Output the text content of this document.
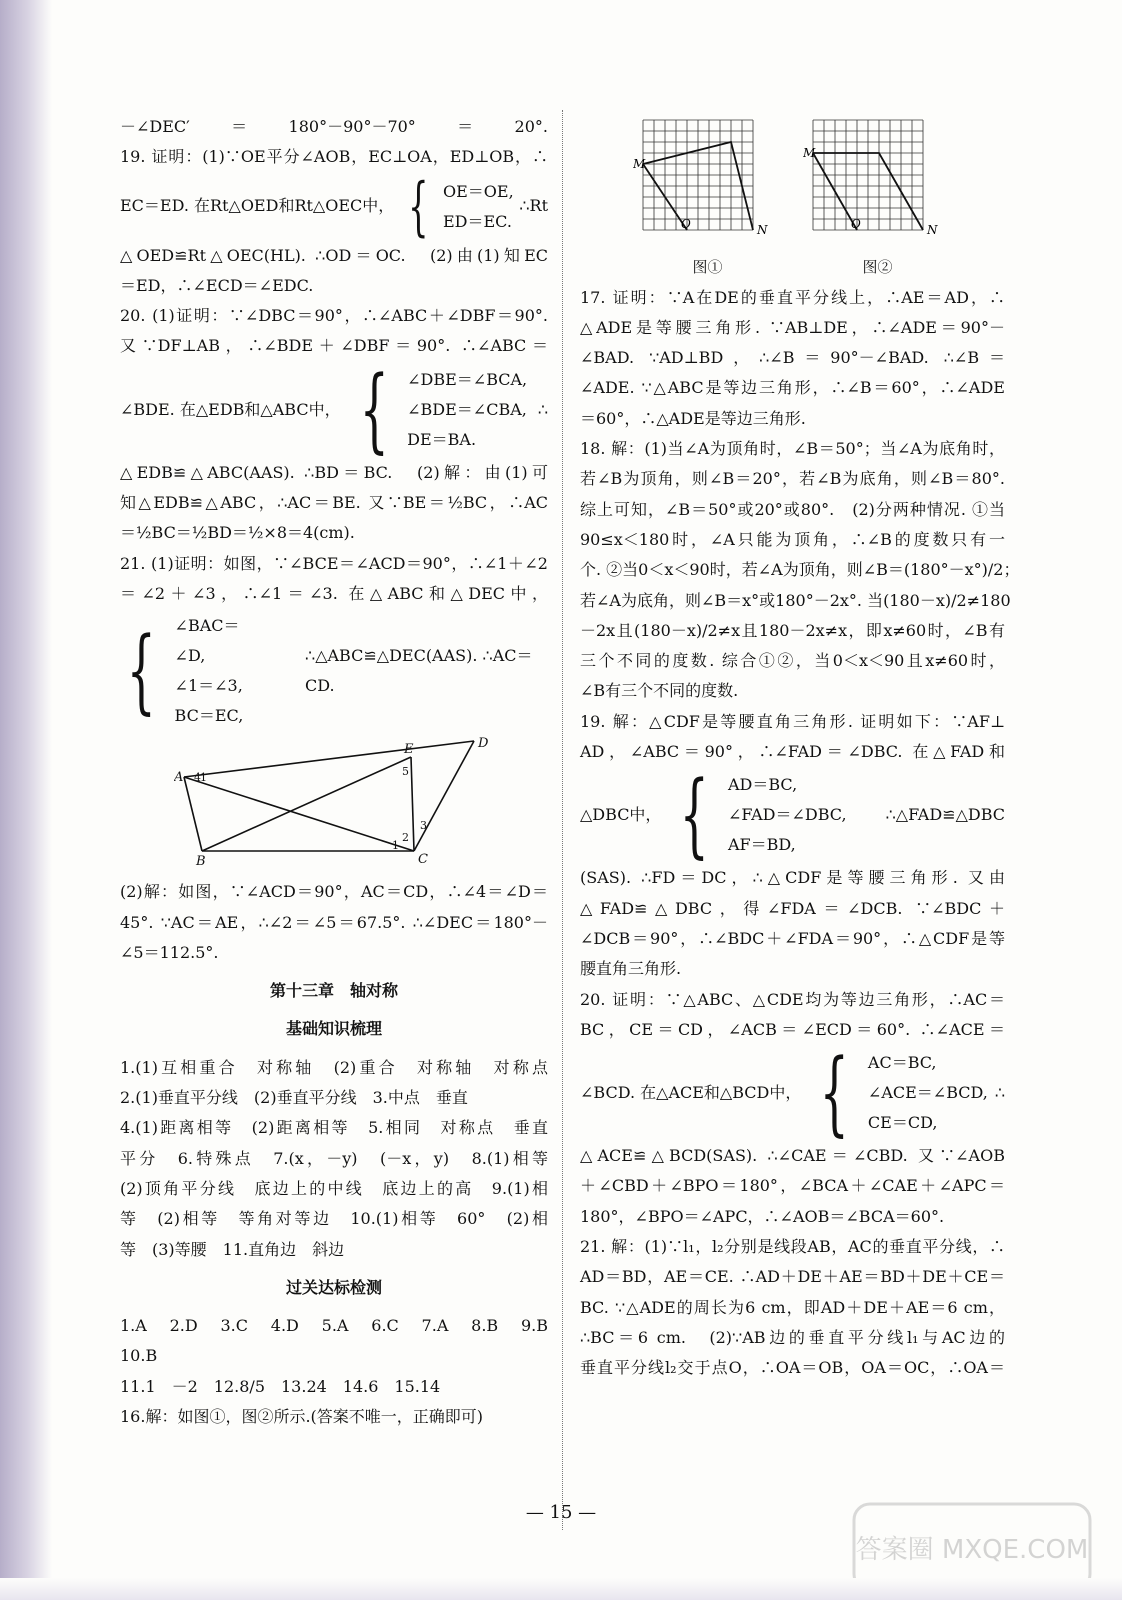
－∠DEC′＝180°－90°－70°＝20°.

19. 证明：(1)∵OE平分∠AOB，EC⊥OA，ED⊥OB，∴

EC＝ED. 在Rt△OED和Rt△OEC中， { OE＝OE,
ED＝EC.
∴Rt

△OED≌Rt△OEC(HL). ∴OD＝OC.　(2)由(1)知EC

＝ED，∴∠ECD＝∠EDC.

20. (1)证明：∵∠DBC＝90°，∴∠ABC＋∠DBF＝90°.

又∵DF⊥AB，∴∠BDE＋∠DBF＝90°. ∴∠ABC＝

∠BDE. 在△EDB和△ABC中， { ∠DBE＝∠BCA,
∠BDE＝∠CBA,
DE＝BA.
∴

△EDB≌△ABC(AAS). ∴BD＝BC.　(2)解：由(1)可

知△EDB≌△ABC，∴AC＝BE. 又∵BE＝½BC，∴AC

＝½BC＝½BD＝½×8＝4(cm).

21. (1)证明：如图，∵∠BCE＝∠ACD＝90°，∴∠1＋∠2

＝∠2＋∠3，∴∠1＝∠3. 在△ABC和△DEC中，

{ ∠BAC＝∠D,
∠1＝∠3,
BC＝EC,
∴△ABC≌△DEC(AAS). ∴AC＝CD.
A
B	C
D
E
4 1
2
3
5
1

(2)解：如图，∵∠ACD＝90°，AC＝CD，∴∠4＝∠D＝

45°. ∵AC＝AE，∴∠2＝∠5＝67.5°. ∴∠DEC＝180°－

∠5＝112.5°.

第十三章　轴对称

基础知识梳理

1.(1)互相重合　对称轴　(2)重合　对称轴　对称点

2.(1)垂直平分线　(2)垂直平分线　3.中点　垂直

4.(1)距离相等　(2)距离相等　5.相同　对称点　垂直

平分　6.特殊点　7.(x，－y)　(－x，y)　8.(1)相等

(2)顶角平分线　底边上的中线　底边上的高　9.(1)相

等　(2)相等　等角对等边　10.(1)相等　60°　(2)相

等　(3)等腰　11.直角边　斜边

过关达标检测

1.A　2.D　3.C　4.D　5.A　6.C　7.A　8.B　9.B

10.B

11.1　－2　12.8/5　13.24　14.6　15.14

16.解：如图①，图②所示.(答案不唯一，正确即可)

M
O	N
图①
M
O	N
图②

17. 证明：∵A在DE的垂直平分线上，∴AE＝AD，∴

△ADE是等腰三角形. ∵AB⊥DE，∴∠ADE＝90°－

∠BAD. ∵AD⊥BD，∴∠B＝90°－∠BAD. ∴∠B＝

∠ADE. ∵△ABC是等边三角形，∴∠B＝60°，∴∠ADE

＝60°，∴△ADE是等边三角形.

18. 解：(1)当∠A为顶角时，∠B＝50°；当∠A为底角时，

若∠B为顶角，则∠B＝20°，若∠B为底角，则∠B＝80°.

综上可知，∠B＝50°或20°或80°.　(2)分两种情况. ①当

90≤x＜180时，∠A只能为顶角，∴∠B的度数只有一

个. ②当0＜x＜90时，若∠A为顶角，则∠B＝(180°－x°)/2；

若∠A为底角，则∠B＝x°或180°－2x°. 当(180－x)/2≠180

－2x且(180－x)/2≠x且180－2x≠x，即x≠60时，∠B有

三个不同的度数. 综合①②，当0＜x＜90且x≠60时，

∠B有三个不同的度数.

19. 解：△CDF是等腰直角三角形. 证明如下：∵AF⊥

AD，∠ABC＝90°，∴∠FAD＝∠DBC. 在△FAD和

△DBC中， { AD＝BC,
∠FAD＝∠DBC,
AF＝BD,
∴△FAD≌△DBC

(SAS). ∴FD＝DC，∴△CDF是等腰三角形. 又由

△FAD≌△DBC，得∠FDA＝∠DCB. ∵∠BDC＋

∠DCB＝90°，∴∠BDC＋∠FDA＝90°，∴△CDF是等

腰直角三角形.

20. 证明：∵△ABC、△CDE均为等边三角形，∴AC＝

BC，CE＝CD，∠ACB＝∠ECD＝60°. ∴∠ACE＝

∠BCD. 在△ACE和△BCD中， { AC＝BC,
∠ACE＝∠BCD,
CE＝CD,
∴

△ACE≌△BCD(SAS). ∴∠CAE＝∠CBD. 又∵∠AOB

＋∠CBD＋∠BPO＝180°，∠BCA＋∠CAE＋∠APC＝

180°，∠BPO＝∠APC，∴∠AOB＝∠BCA＝60°.

21. 解：(1)∵l₁，l₂分别是线段AB，AC的垂直平分线，∴

AD＝BD，AE＝CE. ∴AD＋DE＋AE＝BD＋DE＋CE＝

BC. ∵△ADE的周长为6 cm，即AD＋DE＋AE＝6 cm，

∴BC＝6 cm.　(2)∵AB边的垂直平分线l₁与AC边的

垂直平分线l₂交于点O，∴OA＝OB，OA＝OC，∴OA＝

— 15 —
答案圈 MXQE.COM
